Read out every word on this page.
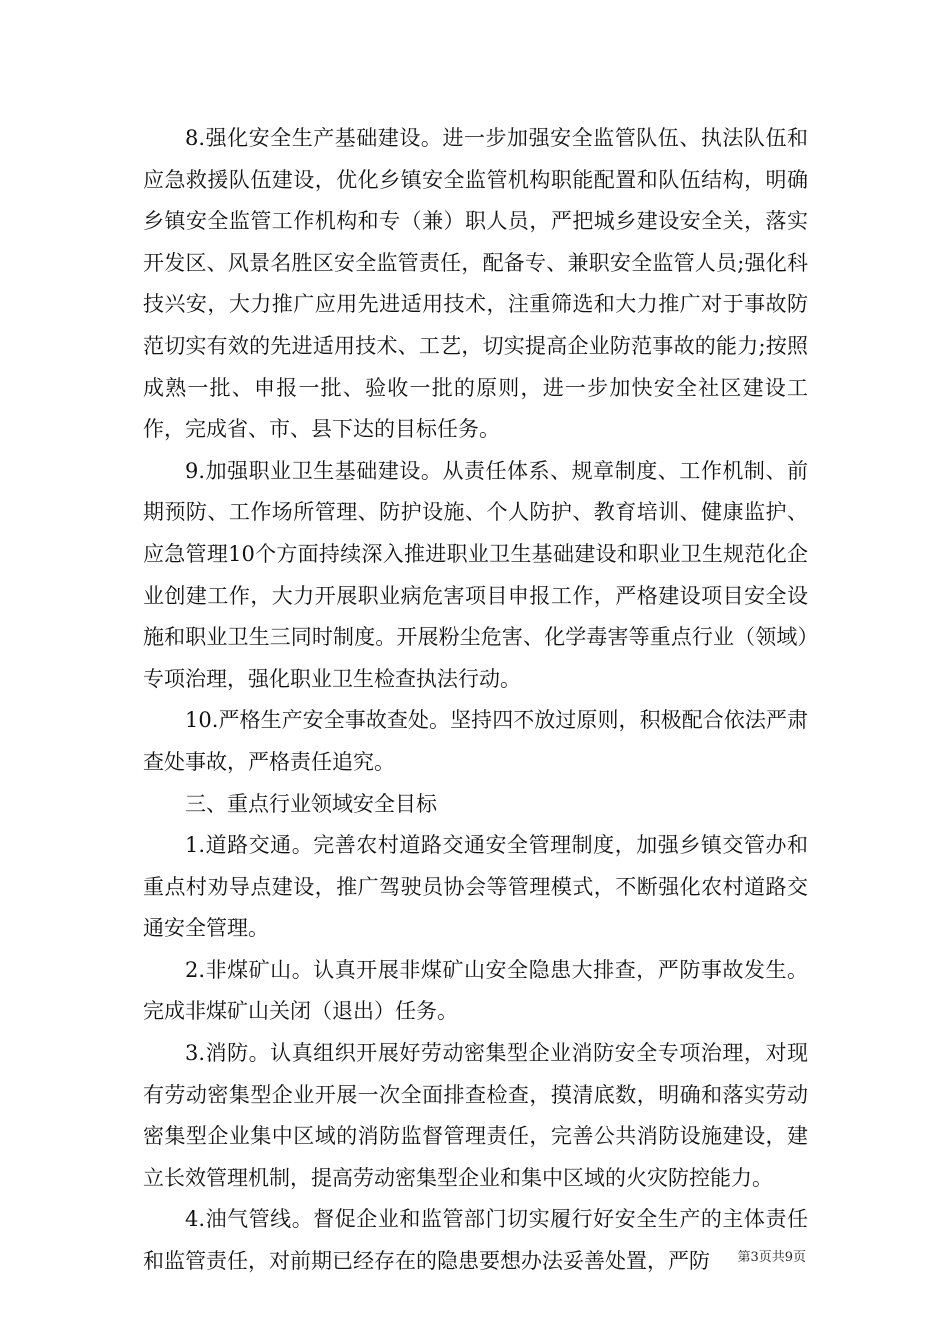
8.强化安全生产基础建设。进一步加强安全监管队伍、执法队伍和应急救援队伍建设，优化乡镇安全监管机构职能配置和队伍结构，明确乡镇安全监管工作机构和专（兼）职人员，严把城乡建设安全关，落实开发区、风景名胜区安全监管责任，配备专、兼职安全监管人员;强化科技兴安，大力推广应用先进适用技术，注重筛选和大力推广对于事故防范切实有效的先进适用技术、工艺，切实提高企业防范事故的能力;按照成熟一批、申报一批、验收一批的原则，进一步加快安全社区建设工作，完成省、市、县下达的目标任务。

9.加强职业卫生基础建设。从责任体系、规章制度、工作机制、前期预防、工作场所管理、防护设施、个人防护、教育培训、健康监护、应急管理10个方面持续深入推进职业卫生基础建设和职业卫生规范化企业创建工作，大力开展职业病危害项目申报工作，严格建设项目安全设施和职业卫生三同时制度。开展粉尘危害、化学毒害等重点行业（领域）专项治理，强化职业卫生检查执法行动。

10.严格生产安全事故查处。坚持四不放过原则，积极配合依法严肃查处事故，严格责任追究。

三、重点行业领域安全目标

1.道路交通。完善农村道路交通安全管理制度，加强乡镇交管办和重点村劝导点建设，推广驾驶员协会等管理模式，不断强化农村道路交通安全管理。

2.非煤矿山。认真开展非煤矿山安全隐患大排查，严防事故发生。完成非煤矿山关闭（退出）任务。

3.消防。认真组织开展好劳动密集型企业消防安全专项治理，对现有劳动密集型企业开展一次全面排查检查，摸清底数，明确和落实劳动密集型企业集中区域的消防监督管理责任，完善公共消防设施建设，建立长效管理机制，提高劳动密集型企业和集中区域的火灾防控能力。

4.油气管线。督促企业和监管部门切实履行好安全生产的主体责任和监管责任，对前期已经存在的隐患要想办法妥善处置，严防	第3页共9页
